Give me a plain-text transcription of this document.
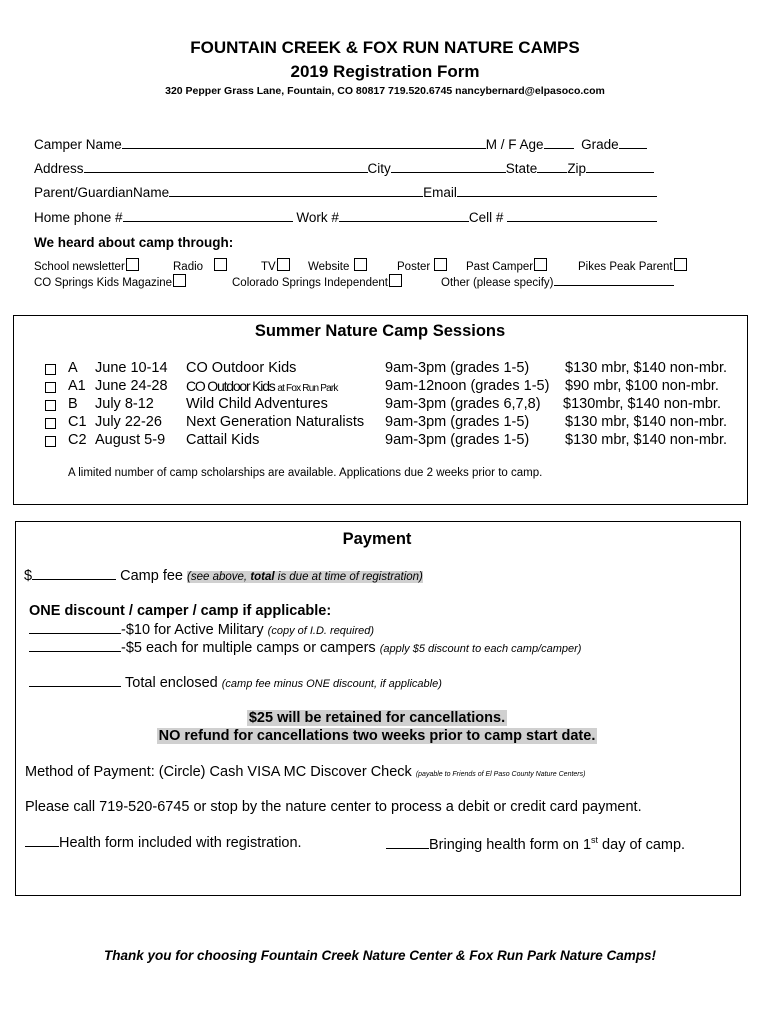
FOUNTAIN CREEK & FOX RUN NATURE CAMPS
2019 Registration Form
320 Pepper Grass Lane, Fountain, CO 80817 719.520.6745 nancybernard@elpasoco.com
Camper Name	M / F Age	Grade
Address	City	State Zip
Parent/GuardianName	Email
Home phone #	Work #	Cell #
We heard about camp through:
School newsletter	Radio	TV	Website	Poster	Past Camper	Pikes Peak Parent
CO Springs Kids Magazine	Colorado Springs Independent	Other (please specify)
Summer Nature Camp Sessions
A June 10-14 CO Outdoor Kids	9am-3pm (grades 1-5) $130 mbr, $140 non-mbr.
A1 June 24-28 CO Outdoor Kids at Fox Run Park	9am-12noon (grades 1-5) $90 mbr, $100 non-mbr.
B July 8-12 Wild Child Adventures	9am-3pm (grades 6,7,8) $130mbr, $140 non-mbr.
C1 July 22-26 Next Generation Naturalists 9am-3pm (grades 1-5) $130 mbr, $140 non-mbr.
C2 August 5-9 Cattail Kids	9am-3pm (grades 1-5) $130 mbr, $140 non-mbr.
A limited number of camp scholarships are available. Applications due 2 weeks prior to camp.
Payment
$	Camp fee (see above, total is due at time of registration)
ONE discount / camper / camp if applicable:
-$10 for Active Military (copy of I.D. required)
-$5 each for multiple camps or campers (apply $5 discount to each camp/camper)
Total enclosed (camp fee minus ONE discount, if applicable)
$25 will be retained for cancellations.
NO refund for cancellations two weeks prior to camp start date.
Method of Payment: (Circle) Cash VISA MC Discover Check (payable to Friends of El Paso County Nature Centers)
Please call 719-520-6745 or stop by the nature center to process a debit or credit card payment.
Health form included with registration.	Bringing health form on 1st day of camp.
Thank you for choosing Fountain Creek Nature Center & Fox Run Park Nature Camps!
